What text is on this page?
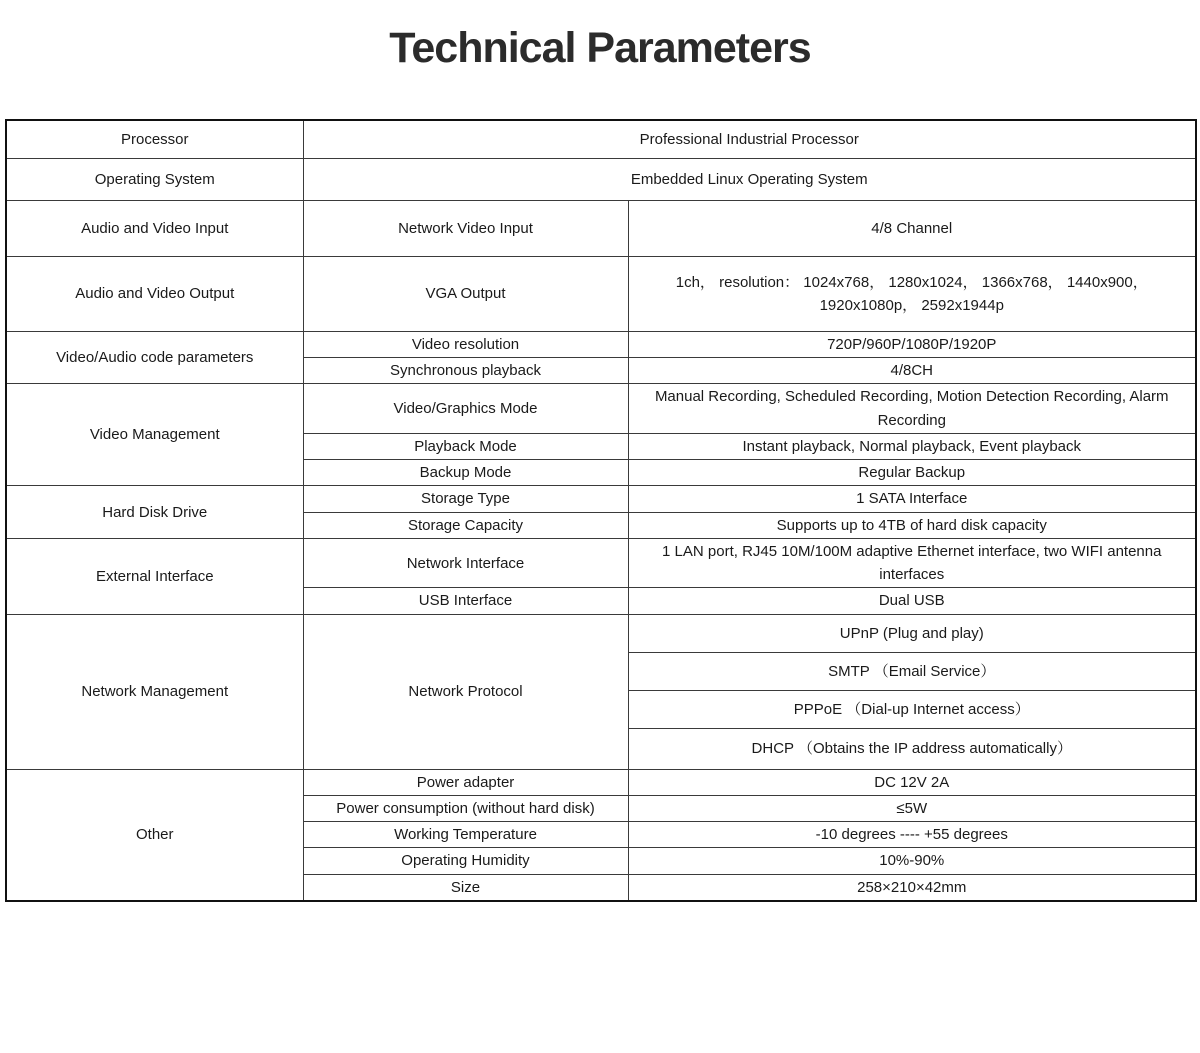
Technical Parameters
Processor	Professional Industrial Processor	
Operating System	Embedded Linux Operating System	
Audio and Video Input	Network Video Input	4/8 Channel
Audio and Video Output	VGA Output	1ch， resolution： 1024x768， 1280x1024， 1366x768， 1440x900， 1920x1080p， 2592x1944p
Video/Audio code parameters	Video resolution	720P/960P/1080P/1920P
	Synchronous playback	4/8CH
Video Management	Video/Graphics Mode	Manual Recording, Scheduled Recording, Motion Detection Recording, Alarm Recording
	Playback Mode	Instant playback, Normal playback, Event playback
	Backup Mode	Regular Backup
Hard Disk Drive	Storage Type	1 SATA Interface
	Storage Capacity	Supports up to 4TB of hard disk capacity
External Interface	Network Interface	1 LAN port, RJ45 10M/100M adaptive Ethernet interface, two WIFI antenna interfaces
	USB Interface	Dual USB
Network Management	Network Protocol	UPnP (Plug and play)
		SMTP （Email Service）
		PPPoE （Dial-up Internet access）
		DHCP （Obtains the IP address automatically）
Other	Power adapter	DC 12V 2A
	Power consumption (without hard disk)	≤5W
	Working Temperature	-10 degrees ---- +55 degrees
	Operating Humidity	10%-90%
	Size	258×210×42mm
